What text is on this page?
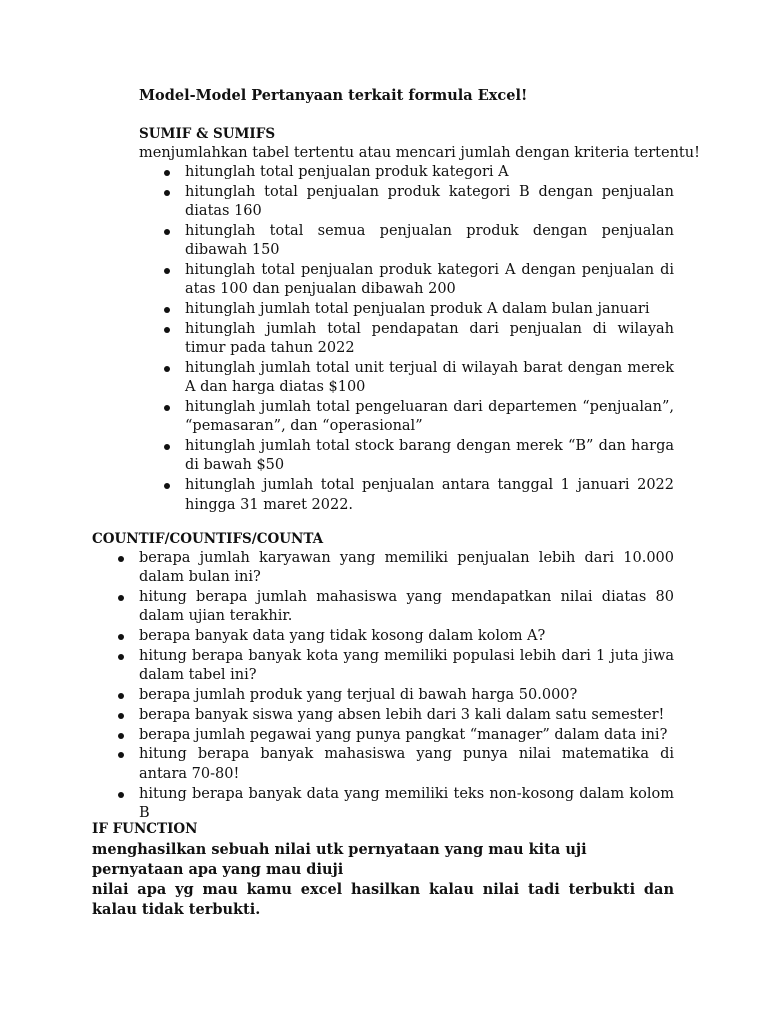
Model-Model Pertanyaan terkait formula Excel!
SUMIF & SUMIFS
menjumlahkan tabel tertentu atau mencari jumlah dengan kriteria tertentu!
hitunglah total penjualan produk kategori A
hitunglah total penjualan produk kategori B dengan penjualan diatas 160
hitunglah total semua penjualan produk dengan penjualan dibawah 150
hitunglah total penjualan produk kategori A dengan penjualan di atas 100 dan penjualan dibawah 200
hitunglah jumlah total penjualan produk A dalam bulan januari
hitunglah jumlah total pendapatan dari penjualan di wilayah timur pada tahun 2022
hitunglah jumlah total unit terjual di wilayah barat dengan merek A dan harga diatas $100
hitunglah jumlah total pengeluaran dari departemen “penjualan”, “pemasaran”, dan “operasional”
hitunglah jumlah total stock barang dengan merek “B” dan harga di bawah $50
hitunglah jumlah total penjualan antara tanggal 1 januari 2022 hingga 31 maret 2022.
COUNTIF/COUNTIFS/COUNTA
berapa jumlah karyawan yang memiliki penjualan lebih dari 10.000 dalam bulan ini?
hitung berapa jumlah mahasiswa yang mendapatkan nilai diatas 80 dalam ujian terakhir.
berapa banyak data yang tidak kosong dalam kolom A?
hitung berapa banyak kota yang memiliki populasi lebih dari 1 juta jiwa dalam tabel ini?
berapa jumlah produk yang terjual di bawah harga 50.000?
berapa banyak siswa yang absen lebih dari 3 kali dalam satu semester!
berapa jumlah pegawai yang punya pangkat “manager” dalam data ini?
hitung berapa banyak mahasiswa yang punya nilai matematika di antara 70-80!
hitung berapa banyak data yang memiliki teks non-kosong dalam kolom B
IF FUNCTION

menghasilkan sebuah nilai utk pernyataan yang mau kita uji

pernyataan apa yang mau diuji

nilai apa yg mau kamu excel hasilkan kalau nilai tadi terbukti dan kalau tidak terbukti.
